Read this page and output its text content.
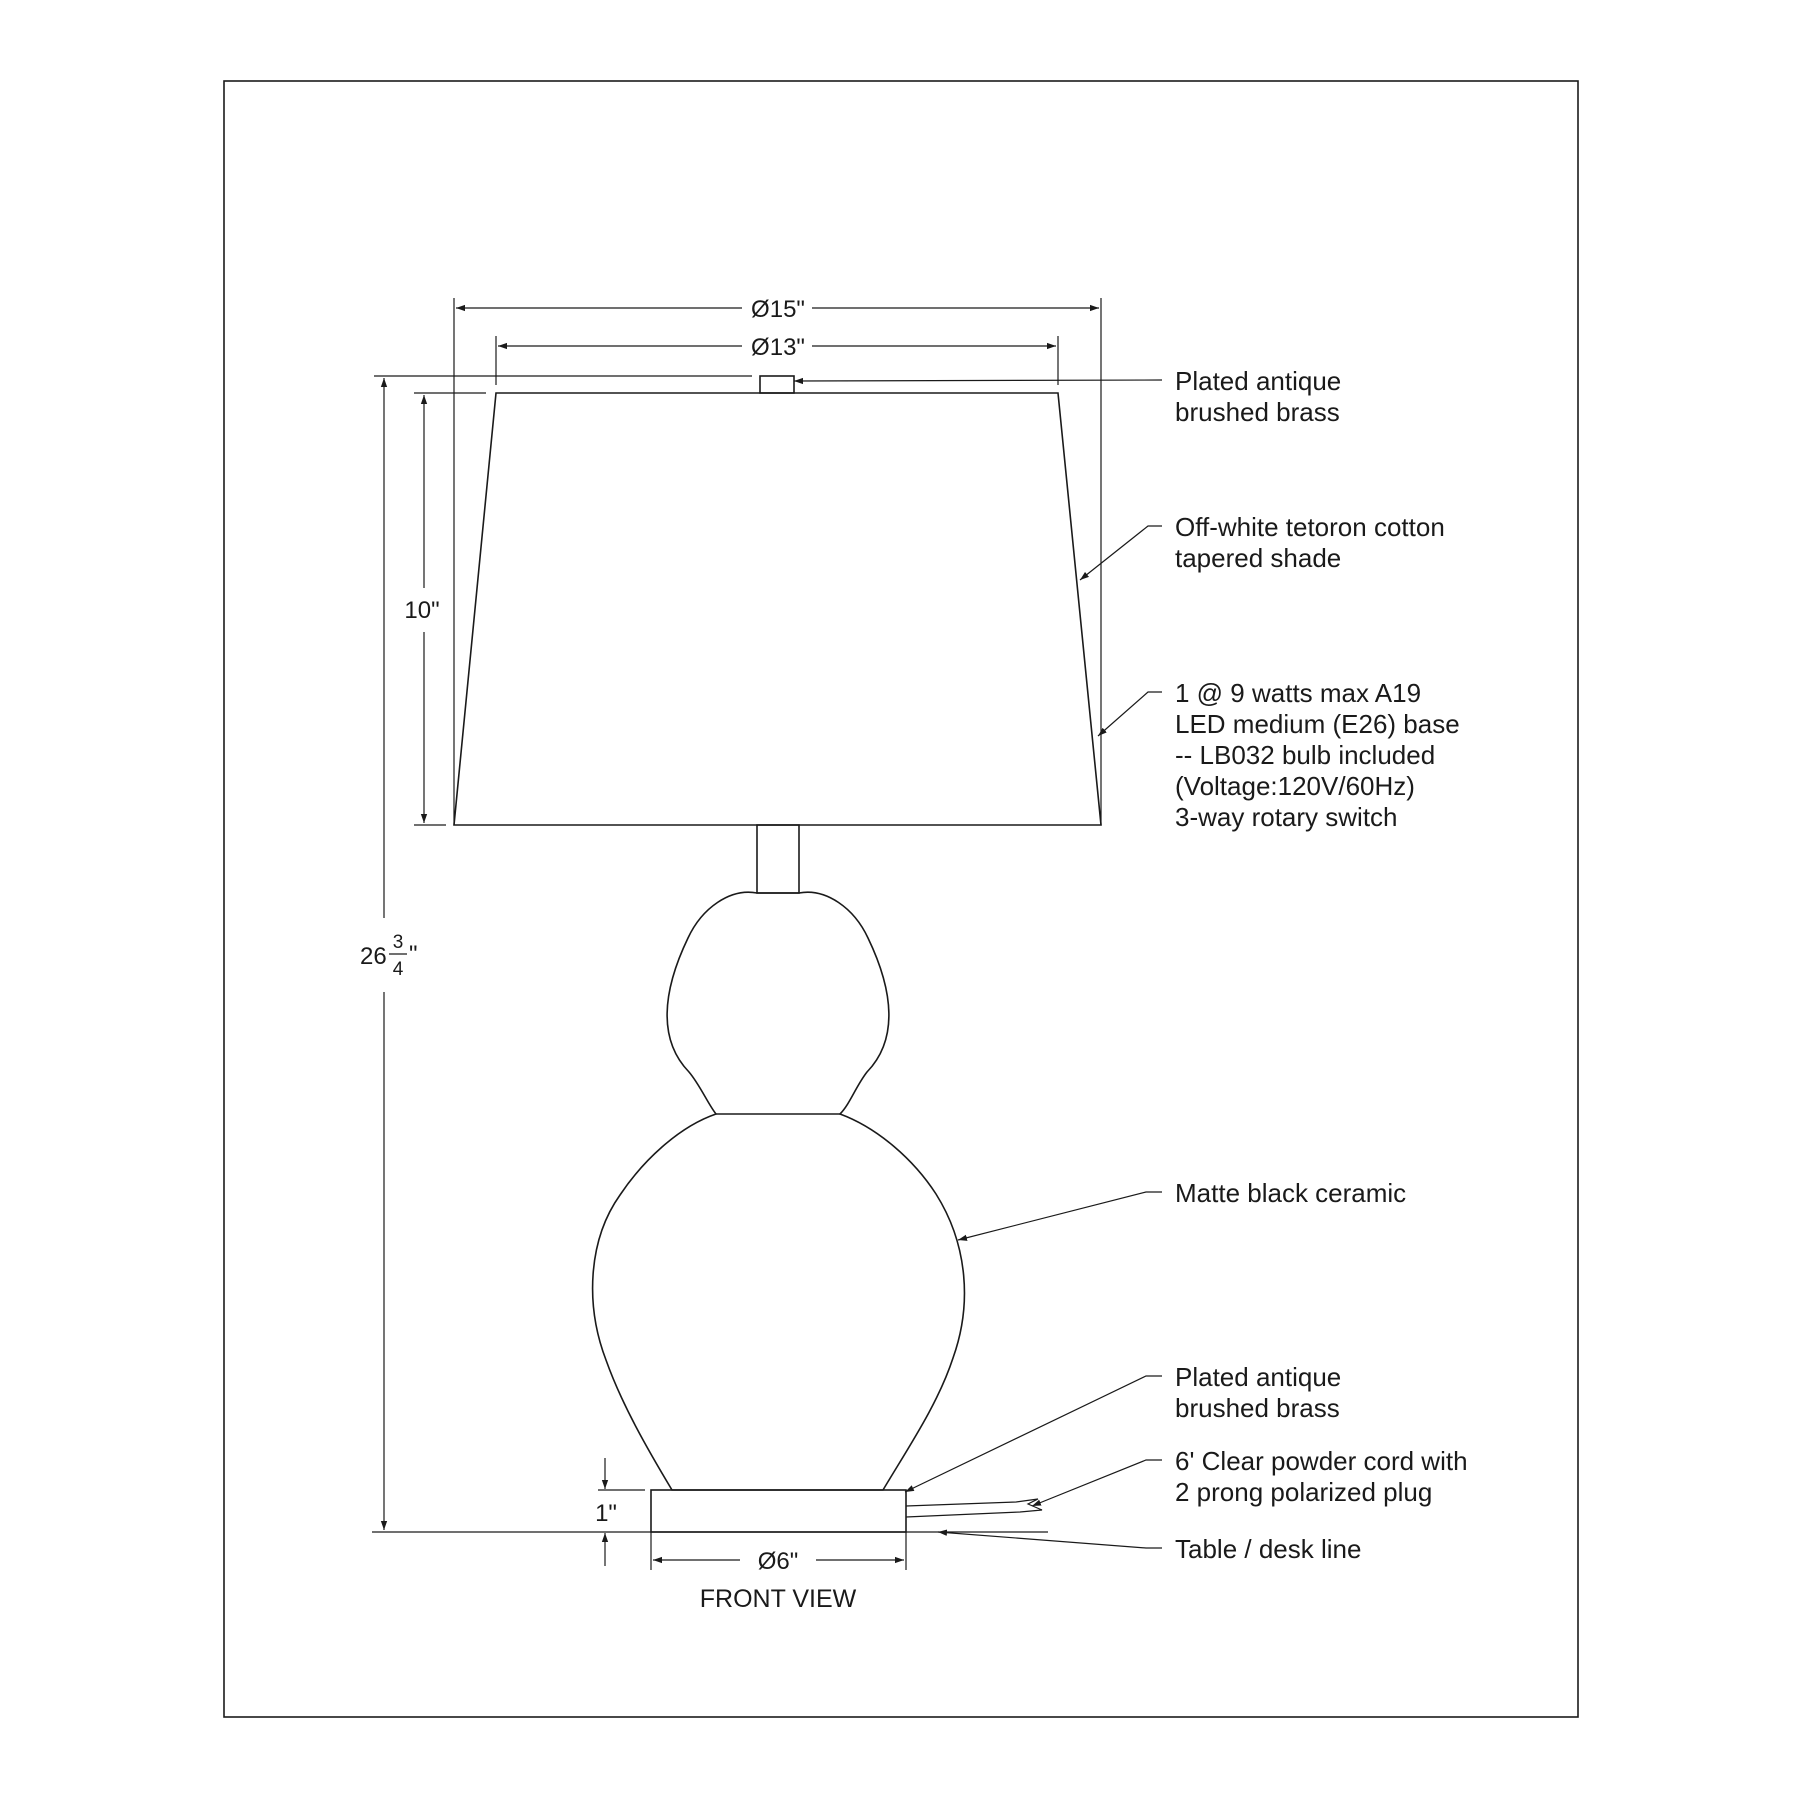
Ø15"
Ø13"
10"
26
3
4
"
1"
Ø6"
FRONT VIEW
Plated antique
brushed brass
Off-white tetoron cotton
tapered shade
1 @ 9 watts max A19
LED medium (E26) base
-- LB032 bulb included
(Voltage:120V/60Hz)
3-way rotary switch
Matte black ceramic
Plated antique
brushed brass
6' Clear powder cord with
2 prong polarized plug
Table / desk line
